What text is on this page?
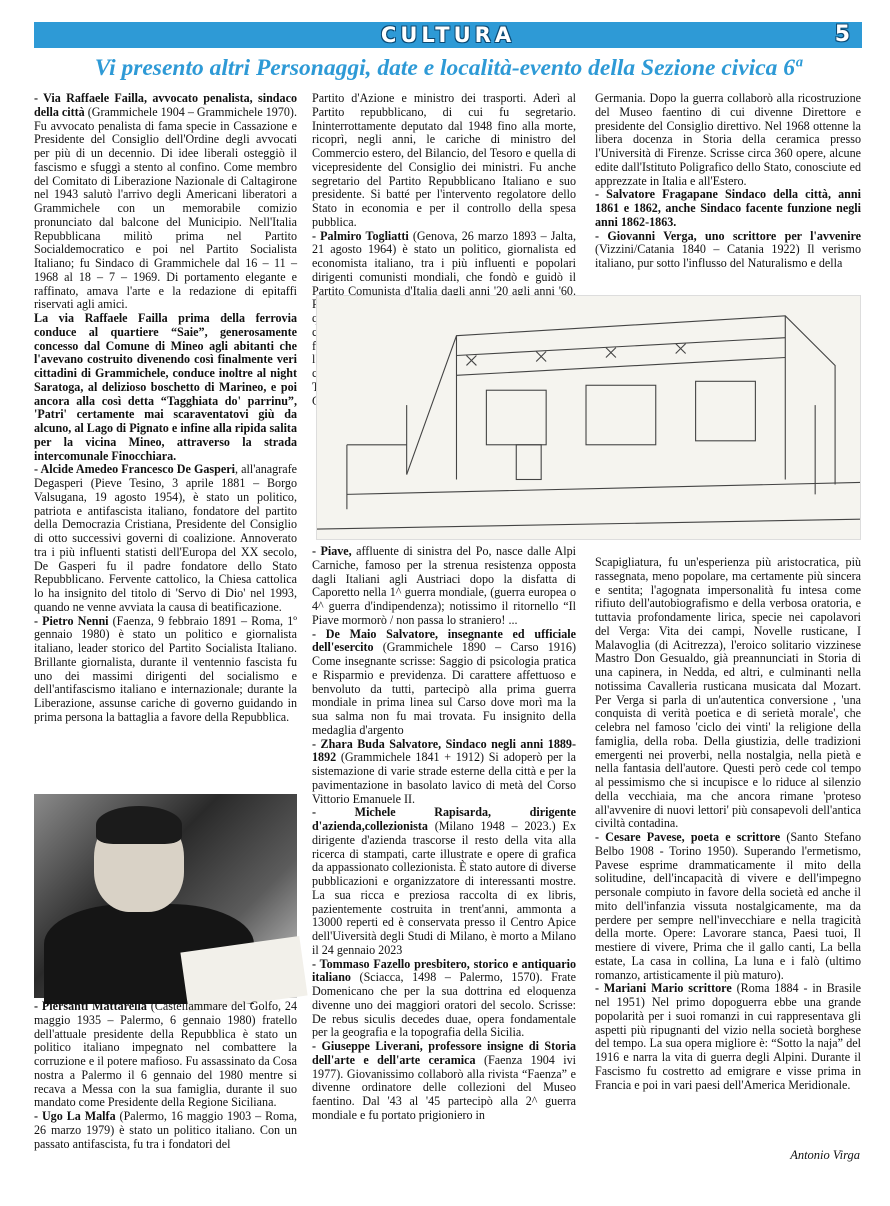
CULTURA	5
Vi presento altri Personaggi, date e località-evento della Sezione civica 6ª

- Via Raffaele Failla, avvocato penalista, sindaco della città (Grammichele 1904 – Grammichele 1970). Fu avvocato penalista di fama specie in Cassazione e Presidente del Consiglio dell'Ordine degli avvocati per più di un decennio. Di idee liberali osteggiò il fascismo e sfuggì a stento al confino. Come membro del Comitato di Liberazione Nazionale di Caltagirone nel 1943 salutò l'arrivo degli Americani liberatori a Grammichele con un memorabile comizio pronunciato dal balcone del Municipio. Nell'Italia Repubblicana militò prima nel Partito Socialdemocratico e poi nel Partito Socialista Italiano; fu Sindaco di Grammichele dal 16 – 11 – 1968 al 18 – 7 – 1969. Di portamento elegante e raffinato, amava l'arte e la redazione di epitaffi riservati agli amici.

La via Raffaele Failla prima della ferrovia conduce al quartiere “Saie”, generosamente concesso dal Comune di Mineo agli abitanti che l'avevano costruito divenendo così finalmente veri cittadini di Grammichele, conduce inoltre al night Saratoga, al delizioso boschetto di Marineo, e poi ancora alla così detta “Tagghiata do' parrinu”, 'Patri' certamente mai scaraventatovi giù da alcuno, al Lago di Pignato e infine alla ripida salita per la vicina Mineo, attraverso la strada intercomunale Finocchiara.

- Alcide Amedeo Francesco De Gasperi, all'anagrafe Degasperi (Pieve Tesino, 3 aprile 1881 – Borgo Valsugana, 19 agosto 1954), è stato un politico, patriota e antifascista italiano, fondatore del partito della Democrazia Cristiana, Presidente del Consiglio di otto successivi governi di coalizione. Annoverato tra i più influenti statisti dell'Europa del XX secolo, De Gasperi fu il padre fondatore dello Stato Repubblicano. Fervente cattolico, la Chiesa cattolica lo ha insignito del titolo di 'Servo di Dio' nel 1993, quando ne venne avviata la causa di beatificazione.

- Pietro Nenni (Faenza, 9 febbraio 1891 – Roma, 1º gennaio 1980) è stato un politico e giornalista italiano, leader storico del Partito Socialista Italiano. Brillante giornalista, durante il ventennio fascista fu uno dei massimi dirigenti del socialismo e dell'antifascismo italiano e internazionale; durante la Liberazione, assunse cariche di governo guidando in prima persona la battaglia a favore della Repubblica.

- Piersanti Mattarella (Castellammare del Golfo, 24 maggio 1935 – Palermo, 6 gennaio 1980) fratello dell'attuale presidente della Repubblica è stato un politico italiano impegnato nel combattere la corruzione e il potere mafioso. Fu assassinato da Cosa nostra a Palermo il 6 gennaio del 1980 mentre si recava a Messa con la sua famiglia, durante il suo mandato come Presidente della Regione Siciliana.

- Ugo La Malfa (Palermo, 16 maggio 1903 – Roma, 26 marzo 1979) è stato un politico italiano. Con un passato antifascista, fu tra i fondatori del

Partito d'Azione e ministro dei trasporti. Aderì al Partito repubblicano, di cui fu segretario. Ininterrottamente deputato dal 1948 fino alla morte, ricoprì, negli anni, le cariche di ministro del Commercio estero, del Bilancio, del Tesoro e quella di vicepresidente del Consiglio dei ministri. Fu anche segretario del Partito Repubblicano Italiano e suo presidente. Si batté per l'intervento regolatore dello Stato in economia e per il controllo della spesa pubblica.

- Palmiro Togliatti (Genova, 26 marzo 1893 – Jalta, 21 agosto 1964) è stato un politico, giornalista ed economista italiano, tra i più influenti e popolari dirigenti comunisti mondiali, che fondò e guidò il Partito Comunista d'Italia dagli anni '20 agli anni '60. Ricoprì la carica di vicepresidente del Consiglio e poi quella di ministro di Grazia e Giustizia, nei governi di coalizione che ressero l'Italia dopo la caduta del fascismo. Fu allora, il 22 giugno 1946, che varò l'amnistia per gli ex fascisti, la quale comprendeva il condono della pena per reati comuni e politici. Togliatti fu altresì membro dell'Assemblea Costituente e dal 1948 deputato.

- Piave, affluente di sinistra del Po, nasce dalle Alpi Carniche, famoso per la strenua resistenza opposta dagli Italiani agli Austriaci dopo la disfatta di Caporetto nella 1^ guerra mondiale, (guerra europea o 4^ guerra d'indipendenza); notissimo il ritornello “Il Piave mormorò / non passa lo straniero! ...

- De Maio Salvatore, insegnante ed ufficiale dell'esercito (Grammichele 1890 – Carso 1916) Come insegnante scrisse: Saggio di psicologia pratica e Risparmio e previdenza. Di carattere affettuoso e benvoluto da tutti, partecipò alla prima guerra mondiale in prima linea sul Carso dove morì ma la sua salma non fu mai trovata. Fu insignito della medaglia d'argento

- Zhara Buda Salvatore, Sindaco negli anni 1889-1892 (Grammichele 1841 + 1912) Si adoperò per la sistemazione di varie strade esterne della città e per la pavimentazione in basolato lavico di metà del Corso Vittorio Emanuele II.

- Michele Rapisarda, dirigente d'azienda,collezionista (Milano 1948 – 2023.) Ex dirigente d'azienda trascorse il resto della vita alla ricerca di stampati, carte illustrate e opere di grafica da appassionato collezionista. È stato autore di diverse pubblicazioni e organizzatore di interessanti mostre. La sua ricca e preziosa raccolta di ex libris, pazientemente costruita in trent'anni, ammonta a 13000 reperti ed è conservata presso il Centro Apice dell'Uiversità degli Studi di Milano, è morto a Milano il 24 gennaio 2023

- Tommaso Fazello presbitero, storico e antiquario italiano (Sciacca, 1498 – Palermo, 1570). Frate Domenicano che per la sua dottrina ed eloquenza divenne uno dei maggiori oratori del secolo. Scrisse: De rebus siculis decedes duae, opera fondamentale per la geografia e la topografia della Sicilia.

- Giuseppe Liverani, professore insigne di Storia dell'arte e dell'arte ceramica (Faenza 1904 ivi 1977). Giovanissimo collaborò alla rivista “Faenza” e divenne ordinatore delle collezioni del Museo faentino. Dal '43 al '45 partecipò alla 2^ guerra mondiale e fu portato prigioniero in

Germania. Dopo la guerra collaborò alla ricostruzione del Museo faentino di cui divenne Direttore e presidente del Consiglio direttivo. Nel 1968 ottenne la libera docenza in Storia della ceramica presso l'Università di Firenze. Scrisse circa 360 opere, alcune edite dall'Istituto Poligrafico dello Stato, conosciute ed apprezzate in Italia e all'Estero.

- Salvatore Fragapane Sindaco della città, anni 1861 e 1862, anche Sindaco facente funzione negli anni 1862-1863.

- Giovanni Verga, uno scrittore per l'avvenire (Vizzini/Catania 1840 – Catania 1922) Il verismo italiano, pur sotto l'influsso del Naturalismo e della

Scapigliatura, fu un'esperienza più aristocratica, più rassegnata, meno popolare, ma certamente più sincera e sentita; l'agognata impersonalità fu intesa come rifiuto dell'autobiografismo e della verbosa oratoria, e tuttavia profondamente lirica, specie nei capolavori del Verga: Vita dei campi, Novelle rusticane, I Malavoglia (di Acitrezza), l'eroico solitario vizzinese Mastro Don Gesualdo, già preannunciati in Storia di una capinera, in Nedda, ed altri, e culminanti nella notissima Cavalleria rusticana musicata dal Mozart. Per Verga si parla di un'autentica conversione , 'una conquista di verità poetica e di serietà morale', che celebra nel famoso 'ciclo dei vinti' la religione della famiglia, della roba. Della giustizia, delle tradizioni emergenti nei proverbi, nella nostalgia, nella pietà e nella fantasia dell'autore. Questi però cede col tempo al pessimismo che si incupisce e lo riduce al silenzio della vecchiaia, ma che ancora rimane 'proteso all'avvenire di nuovi lettori' più consapevoli dell'antica civiltà contadina.

- Cesare Pavese, poeta e scrittore (Santo Stefano Belbo 1908 - Torino 1950). Superando l'ermetismo, Pavese esprime drammaticamente il mito della solitudine, dell'incapacità di vivere e dell'impegno personale compiuto in favore della società ed anche il mito dell'infanzia vissuta nostalgicamente, ma da perdere per sempre nell'invecchiare e nella tragicità della morte. Opere: Lavorare stanca, Paesi tuoi, Il mestiere di vivere, Prima che il gallo canti, La bella estate, La casa in collina, La luna e i falò (ultimo romanzo, artisticamente il più maturo).

- Mariani Mario scrittore (Roma 1884 - in Brasile nel 1951) Nel primo dopoguerra ebbe una grande popolarità per i suoi romanzi in cui rappresentava gli aspetti più ripugnanti del vizio nella società borghese del tempo. La sua opera migliore è: “Sotto la naja” del 1916 e narra la vita di guerra degli Alpini. Durante il Fascismo fu costretto ad emigrare e visse prima in Francia e poi in vari paesi dell'America Meridionale.

Antonio Virga
